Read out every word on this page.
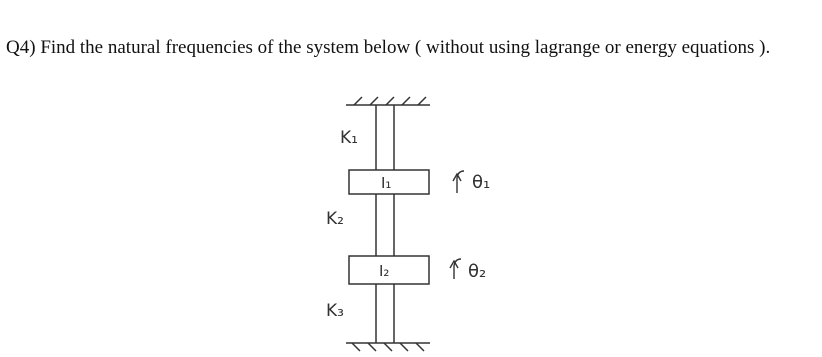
Q4) Find the natural frequencies of the system below ( without using lagrange or energy equations ).
K₁
K₂
K₃
I₁
I₂
θ₁
θ₂
